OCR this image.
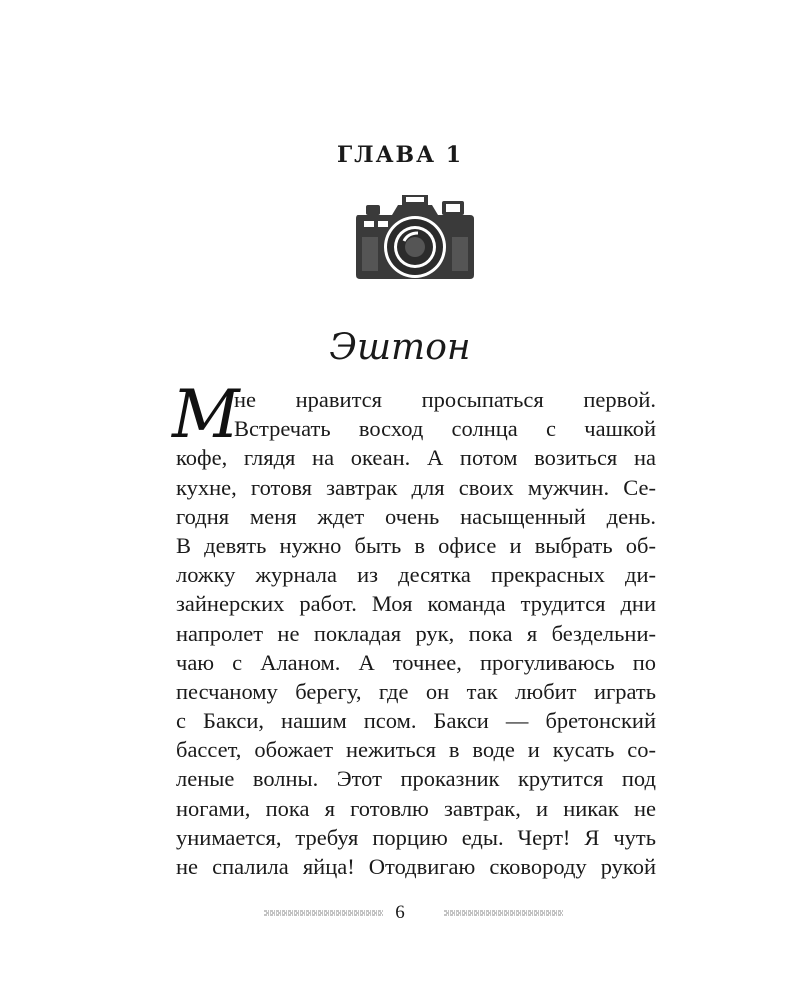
ГЛАВА 1
Эштон
М
не нравится просыпаться первой.
Встречать восход солнца с чашкой
кофе, глядя на океан. А потом возиться на
кухне, готовя завтрак для своих мужчин. Се-
годня меня ждет очень насыщенный день.
В девять нужно быть в офисе и выбрать об-
ложку журнала из десятка прекрасных ди-
зайнерских работ. Моя команда трудится дни
напролет не покладая рук, пока я бездельни-
чаю с Аланом. А точнее, прогуливаюсь по
песчаному берегу, где он так любит играть
с Бакси, нашим псом. Бакси — бретонский
бассет, обожает нежиться в воде и кусать со-
леные волны. Этот проказник крутится под
ногами, пока я готовлю завтрак, и никак не
унимается, требуя порцию еды. Черт! Я чуть
не спалила яйца! Отодвигаю сковороду рукой
6
